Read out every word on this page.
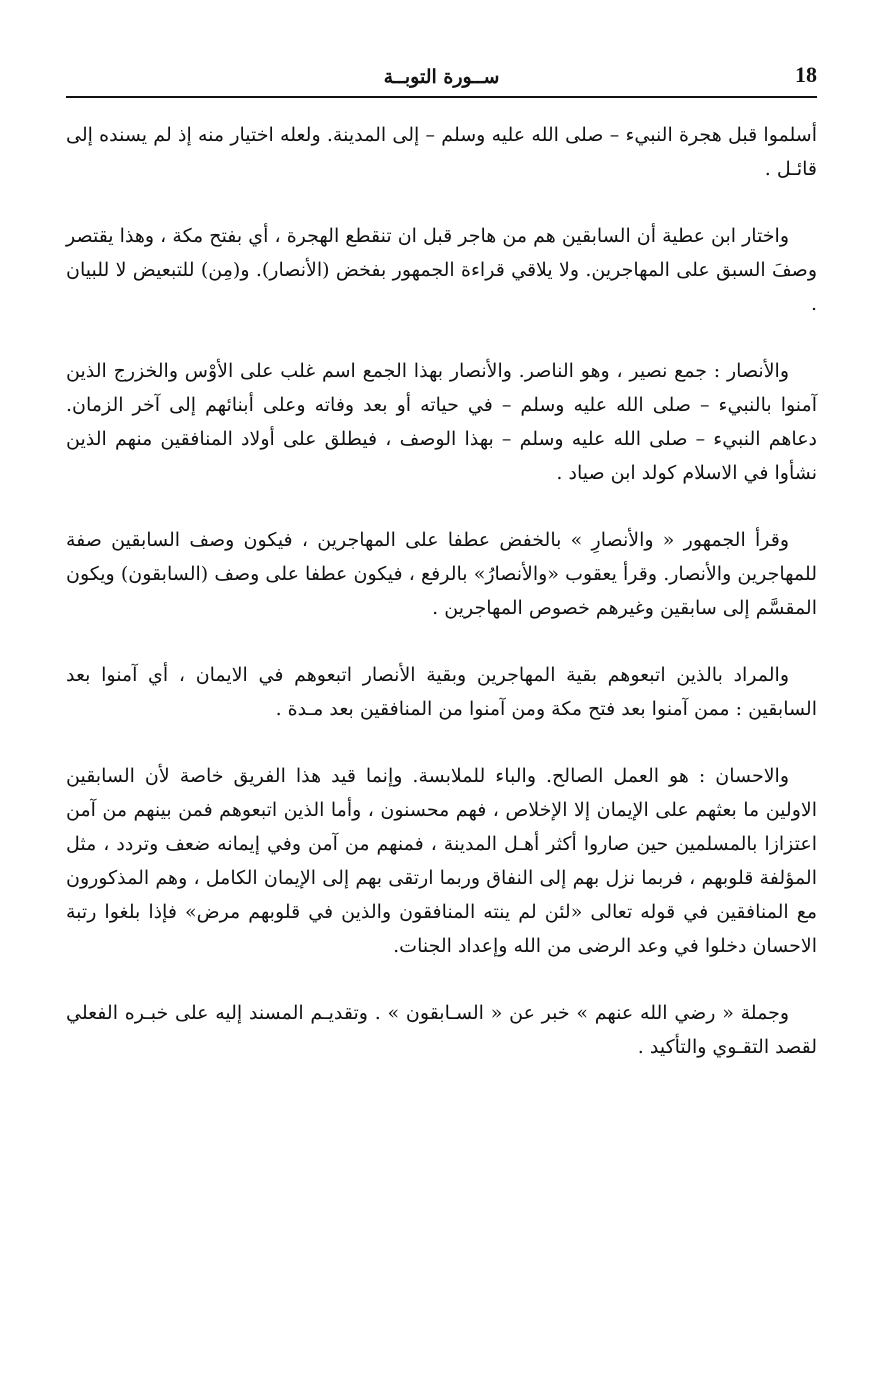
18
ســورة التوبــة

أسلموا قبل هجرة النبيء – صلى الله عليه وسلم – إلى المدينة. ولعله اختيار منه إذ لم يسنده إلى قائـل .

واختار ابن عطية أن السابقين هم من هاجر قبل ان تنقطع الهجرة ، أي بفتح مكة ، وهذا يقتصر وصفَ السبق على المهاجرين. ولا يلاقي قراءة الجمهور بفخض (الأنصار). و(مِن) للتبعيض لا للبيان .

والأنصار : جمع نصير ، وهو الناصر. والأنصار بهذا الجمع اسم غلب على الأوْس والخزرج الذين آمنوا بالنبيء – صلى الله عليه وسلم – في حياته أو بعد وفاته وعلى أبنائهم إلى آخر الزمان. دعاهم النبيء – صلى الله عليه وسلم – بهذا الوصف ، فيطلق على أولاد المنافقين منهم الذين نشأوا في الاسلام كولد ابن صياد .

وقرأ الجمهور « والأنصارِ » بالخفض عطفا على المهاجرين ، فيكون وصف السابقين صفة للمهاجرين والأنصار. وقرأ يعقوب «والأنصارُ» بالرفع ، فيكون عطفا على وصف (السابقون) ويكون المقسَّم إلى سابقين وغيرهم خصوص المهاجرين .

والمراد بالذين اتبعوهم بقية المهاجرين وبقية الأنصار اتبعوهم في الايمان ، أي آمنوا بعد السابقين : ممن آمنوا بعد فتح مكة ومن آمنوا من المنافقين بعد مـدة .

والاحسان : هو العمل الصالح. والباء للملابسة. وإنما قيد هذا الفريق خاصة لأن السابقين الاولين ما بعثهم على الإيمان إلا الإخلاص ، فهم محسنون ، وأما الذين اتبعوهم فمن بينهم من آمن اعتزازا بالمسلمين حين صاروا أكثر أهـل المدينة ، فمنهم من آمن وفي إيمانه ضعف وتردد ، مثل المؤلفة قلوبهم ، فربما نزل بهم إلى النفاق وربما ارتقى بهم إلى الإيمان الكامل ، وهم المذكورون مع المنافقين في قوله تعالى «لئن لم ينته المنافقون والذين في قلوبهم مرض» فإذا بلغوا رتبة الاحسان دخلوا في وعد الرضى من الله وإعداد الجنات.

وجملة « رضي الله عنهم » خبر عن « السـابقون » . وتقديـم المسند إليه على خبـره الفعلي لقصد التقـوي والتأكيد .
